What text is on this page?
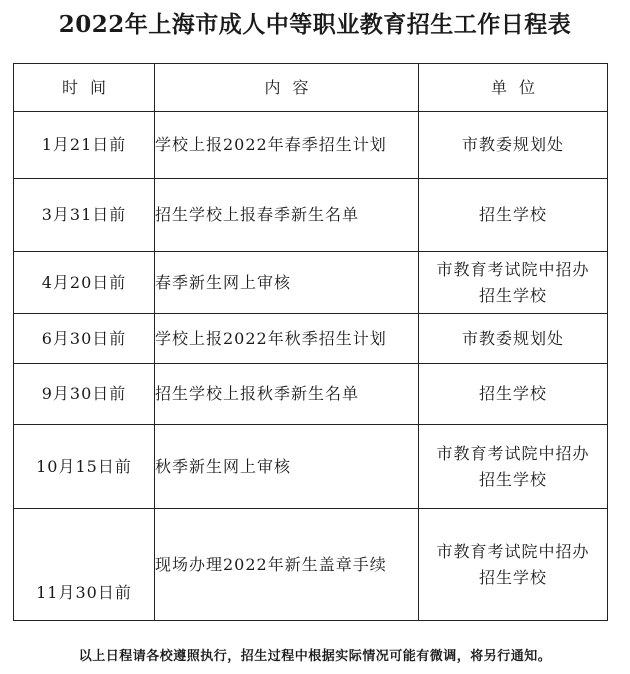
2022年上海市成人中等职业教育招生工作日程表
时间	内容	单位
1月21日前	学校上报2022年春季招生计划	市教委规划处

3月31日前	招生学校上报春季新生名单	招生学校

4月20日前	春季新生网上审核	市教育考试院中招办
招生学校

6月30日前	学校上报2022年秋季招生计划	市教委规划处

9月30日前	招生学校上报秋季新生名单	招生学校

10月15日前	秋季新生网上审核	市教育考试院中招办
招生学校

11月30日前	现场办理2022年新生盖章手续	市教育考试院中招办
招生学校
以上日程请各校遵照执行，招生过程中根据实际情况可能有微调，将另行通知。
